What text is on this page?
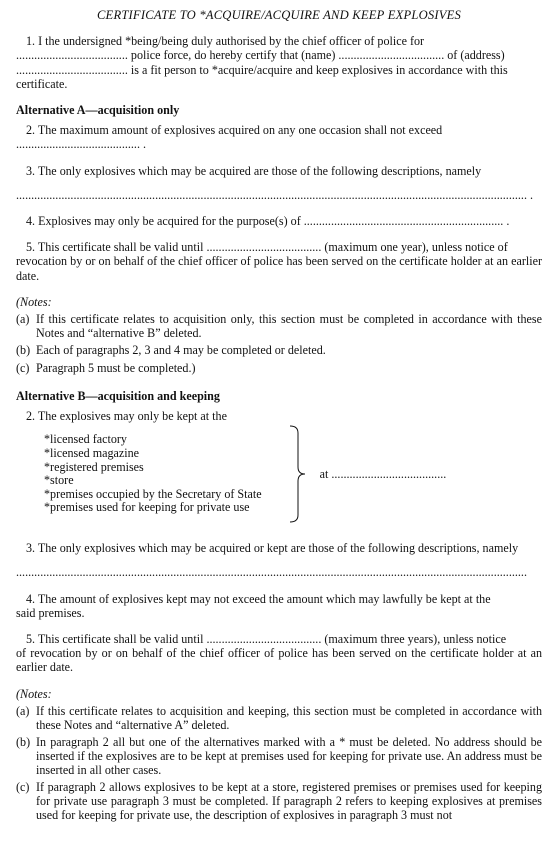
CERTIFICATE TO *ACQUIRE/ACQUIRE AND KEEP EXPLOSIVES

1. I the undersigned *being/being duly authorised by the chief officer of police for

..................................... police force, do hereby certify that (name) ................................... of (address)

..................................... is a fit person to *acquire/acquire and keep explosives in accordance with this

certificate.

Alternative A—acquisition only

2. The maximum amount of explosives acquired on any one occasion shall not exceed

......................................... .

3. The only explosives which may be acquired are those of the following descriptions, namely

......................................................................................................................................................................... .

4. Explosives may only be acquired for the purpose(s) of .................................................................. .

5. This certificate shall be valid until ...................................... (maximum one year), unless notice of

revocation by or on behalf of the chief officer of police has been served on the certificate holder at an earlier date.

(Notes:
(a) If this certificate relates to acquisition only, this section must be completed in accordance with these Notes and “alternative B” deleted.

(b) Each of paragraphs 2, 3 and 4 may be completed or deleted.

(c) Paragraph 5 must be completed.)

Alternative B—acquisition and keeping

2. The explosives may only be kept at the

*licensed factory
*licensed magazine
*registered premises
*store
*premises occupied by the Secretary of State
*premises used for keeping for private use
at ......................................

3. The only explosives which may be acquired or kept are those of the following descriptions, namely

.........................................................................................................................................................................

4. The amount of explosives kept may not exceed the amount which may lawfully be kept at the

said premises.

5. This certificate shall be valid until ...................................... (maximum three years), unless notice

of revocation by or on behalf of the chief officer of police has been served on the certificate holder at an earlier date.

(Notes:
(a) If this certificate relates to acquisition and keeping, this section must be completed in accordance with these Notes and “alternative A” deleted.

(b) In paragraph 2 all but one of the alternatives marked with a * must be deleted. No address should be inserted if the explosives are to be kept at premises used for keeping for private use. An address must be inserted in all other cases.

(c) If paragraph 2 allows explosives to be kept at a store, registered premises or premises used for keeping for private use paragraph 3 must be completed. If paragraph 2 refers to keeping explosives at premises used for keeping for private use, the description of explosives in paragraph 3 must not
